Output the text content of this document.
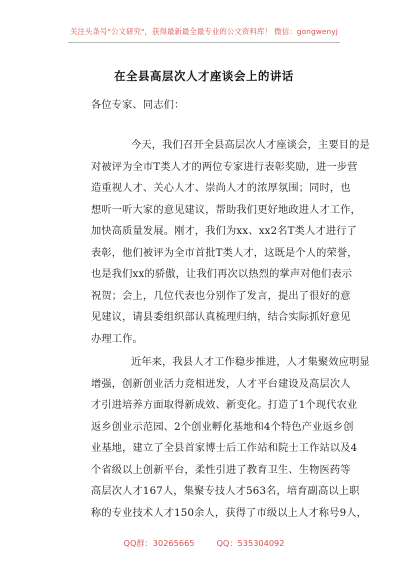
关注头条号"公文研究"，获得最新最全最专业的公文资料库！ 微信：gongwenyj
在全县高层次人才座谈会上的讲话
各位专家、同志们：
今天，我们召开全县高层次人才座谈会，主要目的是
对被评为全市T类人才的两位专家进行表彰奖励，进一步营
造重视人才、关心人才、崇尚人才的浓厚氛围；同时，也
想听一听大家的意见建议，帮助我们更好地政进人才工作，
加快高质量发展。刚才，我们为xx、xx2名T类人才进行了
表彰，他们被评为全市首批T类人才，这既是个人的荣誉，
也是我们xx的骄傲，让我们再次以热烈的掌声对他们表示
祝贺；会上，几位代表也分别作了发言，提出了很好的意
见建议，请县委组织部认真梳理归纳，结合实际抓好意见
办理工作。
近年来，我县人才工作稳步推进，人才集聚效应明显
增强，创新创业活力竞相迸发，人才平台建设及高层次人
才引进培养方面取得新成效、新变化。打造了1个现代农业
返乡创业示范园、2个创业孵化基地和4个特色产业返乡创
业基地，建立了全县首家博士后工作站和院士工作站以及4
个省级以上创新平台，柔性引进了教育卫生、生物医药等
高层次人才167人，集聚专技人才563名，培育副高以上职
称的专业技术人才150余人，获得了市级以上人才称号9人，
QQ群：30265665	QQ：535304092
